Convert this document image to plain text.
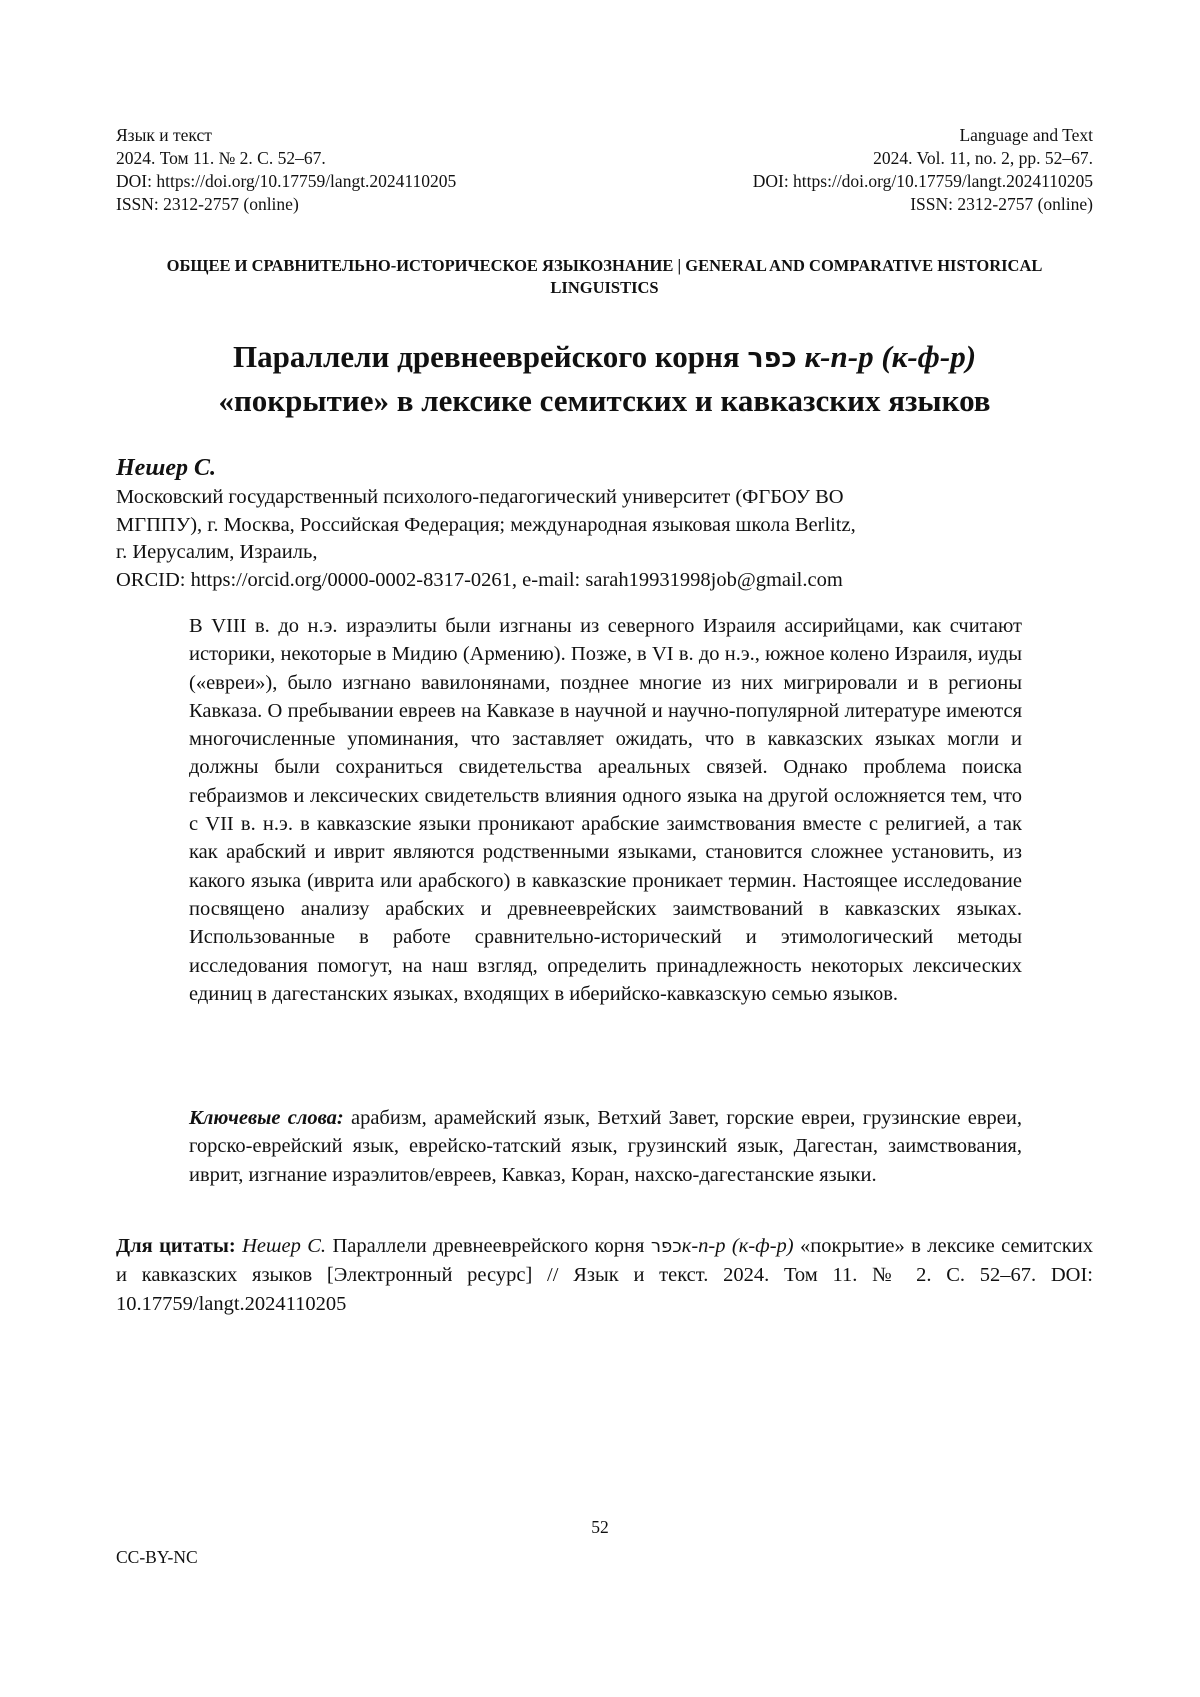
Язык и текст
2024. Том 11. № 2. С. 52–67.
DOI: https://doi.org/10.17759/langt.2024110205
ISSN: 2312-2757 (online)
Language and Text
2024. Vol. 11, no. 2, pp. 52–67.
DOI: https://doi.org/10.17759/langt.2024110205
ISSN: 2312-2757 (online)
ОБЩЕЕ И СРАВНИТЕЛЬНО-ИСТОРИЧЕСКОЕ ЯЗЫКОЗНАНИЕ | GENERAL AND COMPARATIVE HISTORICAL LINGUISTICS
Параллели древнееврейского корня כפר к-п-р (к-ф-р)
«покрытие» в лексике семитских и кавказских языков
Нешер С.
Московский государственный психолого-педагогический университет (ФГБОУ ВО
МГППУ), г. Москва, Российская Федерация; международная языковая школа Berlitz,
г. Иерусалим, Израиль,
ORCID: https://orcid.org/0000-0002-8317-0261, e-mail: sarah19931998job@gmail.com
В VIII в. до н.э. израэлиты были изгнаны из северного Израиля ассирийцами, как считают историки, некоторые в Мидию (Армению). Позже, в VI в. до н.э., южное колено Израиля, иуды («евреи»), было изгнано вавилонянами, позднее многие из них мигрировали и в регионы Кавказа. О пребывании евреев на Кавказе в научной и научно-популярной литературе имеются многочисленные упоминания, что заставляет ожидать, что в кавказских языках могли и должны были сохраниться свидетельства ареальных связей. Однако проблема поиска гебраизмов и лексических свидетельств влияния одного языка на другой осложняется тем, что с VII в. н.э. в кавказские языки проникают арабские заимствования вместе с религией, а так как арабский и иврит являются родственными языками, становится сложнее установить, из какого языка (иврита или арабского) в кавказские проникает термин. Настоящее исследование посвящено анализу арабских и древнееврейских заимствований в кавказских языках. Использованные в работе сравнительно-исторический и этимологический методы исследования помогут, на наш взгляд, определить принадлежность некоторых лексических единиц в дагестанских языках, входящих в иберийско-кавказскую семью языков.
Ключевые слова: арабизм, арамейский язык, Ветхий Завет, горские евреи, грузинские евреи, горско-еврейский язык, еврейско-татский язык, грузинский язык, Дагестан, заимствования, иврит, изгнание израэлитов/евреев, Кавказ, Коран, нахско-дагестанские языки.
Для цитаты: Нешер С. Параллели древнееврейского корня כפרк-п-р (к-ф-р) «покрытие» в лексике семитских и кавказских языков [Электронный ресурс] // Язык и текст. 2024. Том 11. № 2. С. 52–67. DOI: 10.17759/langt.2024110205
52
CC-BY-NC
